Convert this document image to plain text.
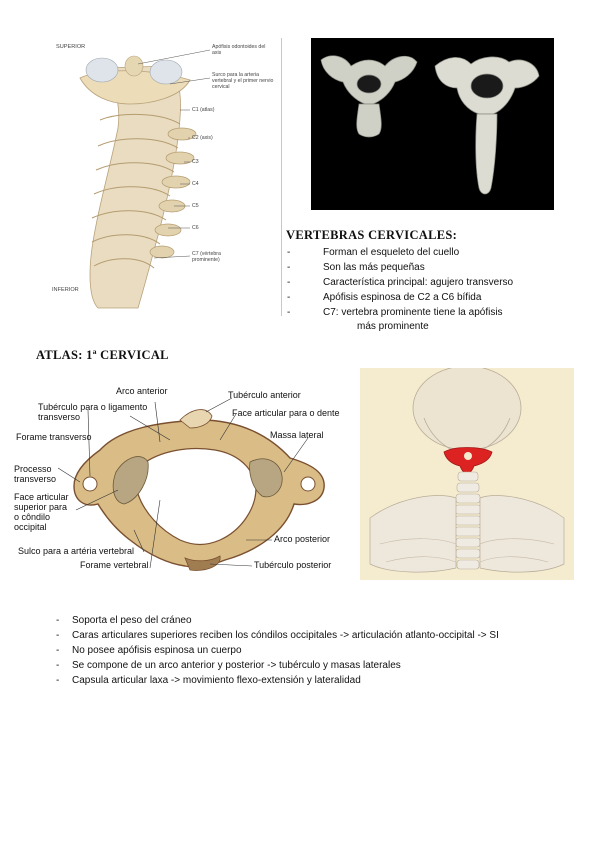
SUPERIOR
INFERIOR
Apófisis odontoides del axis
Surco para la arteria vertebral y el primer nervio cervical
C1 (atlas)
C2 (axis)
C3
C4
C5
C6
C7 (vértebra prominente)
VERTEBRAS CERVICALES:
-	Forman el esqueleto del cuello
-	Son las más pequeñas
-	Característica principal: agujero transverso
-	Apófisis espinosa de C2 a C6 bífida
-	C7: vertebra prominente tiene la apófisis
más prominente
ATLAS: 1ª CERVICAL
Arco anterior	Tubérculo anterior
Tubérculo para o ligamento
transverso	Face articular para o dente
Massa lateral
Forame transverso
Processo
transverso
Face articular
superior para
o côndilo
occipital
Sulco para a artéria vertebral
Forame vertebral
Arco posterior
Tubérculo posterior
- Soporta el peso del cráneo
- Caras articulares superiores reciben los cóndilos occipitales -> articulación atlanto-occipital -> SI
- No posee apófisis espinosa un cuerpo
- Se compone de un arco anterior y posterior -> tubérculo y masas laterales
- Capsula articular laxa -> movimiento flexo-extensión y lateralidad
